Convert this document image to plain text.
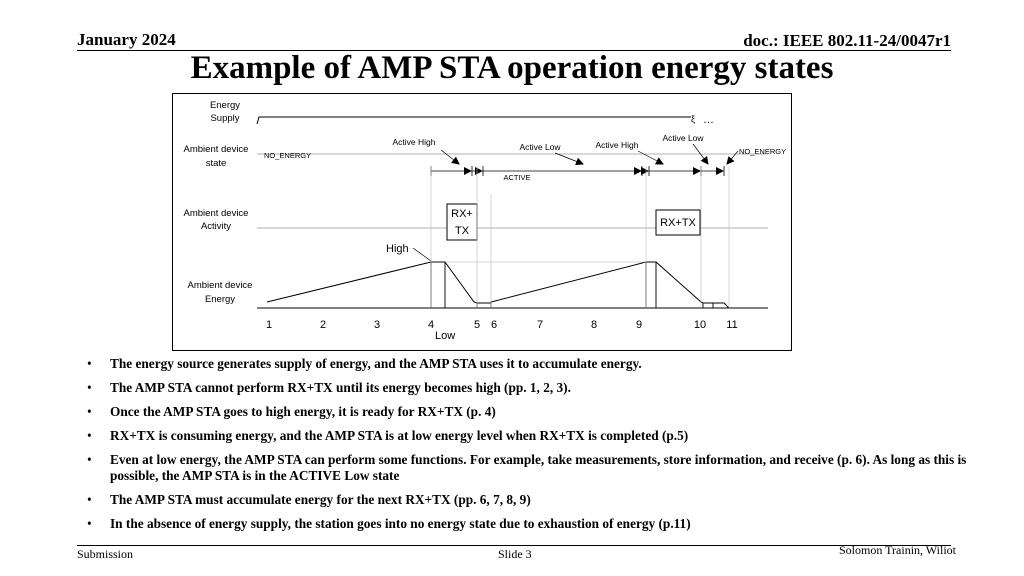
January 2024	doc.: IEEE 802.11-24/0047r1
Example of AMP STA operation energy states
Energy
Supply
Ambient device
state
Ambient device
Activity
Ambient device
Energy
ξ …
NO_ENERGY	NO_ENERGY
Active High	Active Low	Active High
Active Low
ACTIVE
RX+
TX
RX+TX
High
Low
1	2	3	4	5 6	7	8	9	10 11
• The energy source generates supply of energy, and the AMP STA uses it to accumulate energy.
• The AMP STA cannot perform RX+TX until its energy becomes high (pp. 1, 2, 3).
• Once the AMP STA goes to high energy, it is ready for RX+TX (p. 4)
• RX+TX is consuming energy, and the AMP STA is at low energy level when RX+TX is completed (p.5)
• Even at low energy, the AMP STA can perform some functions. For example, take measurements, store information, and receive (p. 6). As long as this is possible, the AMP STA is in the ACTIVE Low state
• The AMP STA must accumulate energy for the next RX+TX (pp. 6, 7, 8, 9)
• In the absence of energy supply, the station goes into no energy state due to exhaustion of energy (p.11)
Submission	Slide 3	Solomon Trainin, Wiliot
